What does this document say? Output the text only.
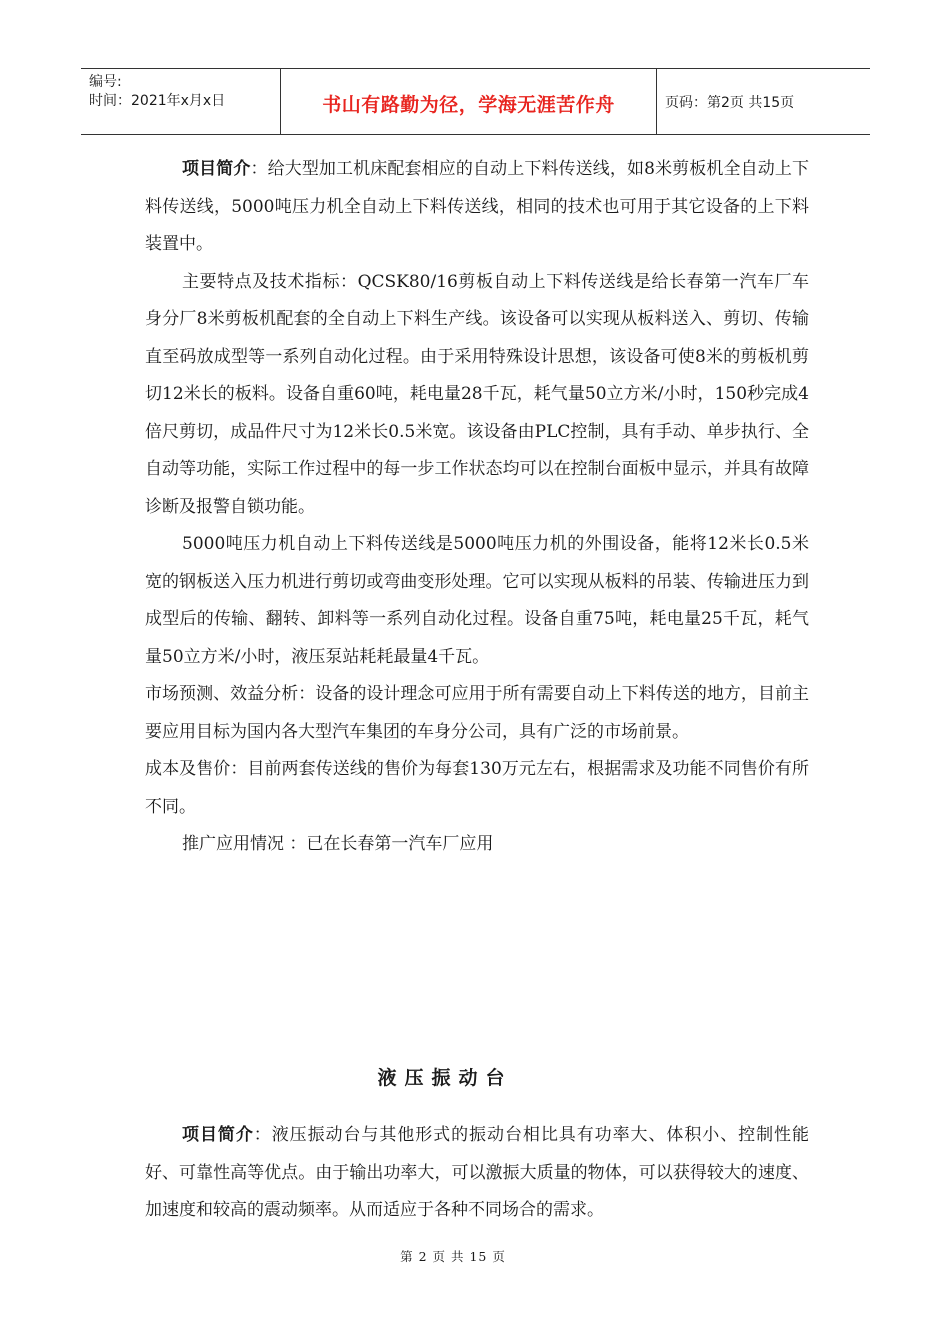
编号:
时间：2021年x月x日	书山有路勤为径，学海无涯苦作舟	页码：第2页 共15页

项目简介：给大型加工机床配套相应的自动上下料传送线，如8米剪板机全自动上下料传送线，5000吨压力机全自动上下料传送线，相同的技术也可用于其它设备的上下料装置中。

主要特点及技术指标：QCSK80/16剪板自动上下料传送线是给长春第一汽车厂车身分厂8米剪板机配套的全自动上下料生产线。该设备可以实现从板料送入、剪切、传输直至码放成型等一系列自动化过程。由于采用特殊设计思想，该设备可使8米的剪板机剪切12米长的板料。设备自重60吨，耗电量28千瓦，耗气量50立方米/小时，150秒完成4倍尺剪切，成品件尺寸为12米长0.5米宽。该设备由PLC控制，具有手动、单步执行、全自动等功能，实际工作过程中的每一步工作状态均可以在控制台面板中显示，并具有故障诊断及报警自锁功能。

5000吨压力机自动上下料传送线是5000吨压力机的外围设备，能将12米长0.5米宽的钢板送入压力机进行剪切或弯曲变形处理。它可以实现从板料的吊装、传输进压力到成型后的传输、翻转、卸料等一系列自动化过程。设备自重75吨，耗电量25千瓦，耗气量50立方米/小时，液压泵站耗耗最量4千瓦。

市场预测、效益分析：设备的设计理念可应用于所有需要自动上下料传送的地方，目前主要应用目标为国内各大型汽车集团的车身分公司，具有广泛的市场前景。

成本及售价：目前两套传送线的售价为每套130万元左右，根据需求及功能不同售价有所不同。

推广应用情况 ：已在长春第一汽车厂应用

液压振动台

项目简介：液压振动台与其他形式的振动台相比具有功率大、体积小、控制性能好、可靠性高等优点。由于输出功率大，可以激振大质量的物体，可以获得较大的速度、加速度和较高的震动频率。从而适应于各种不同场合的需求。

第 2 页 共 15 页
